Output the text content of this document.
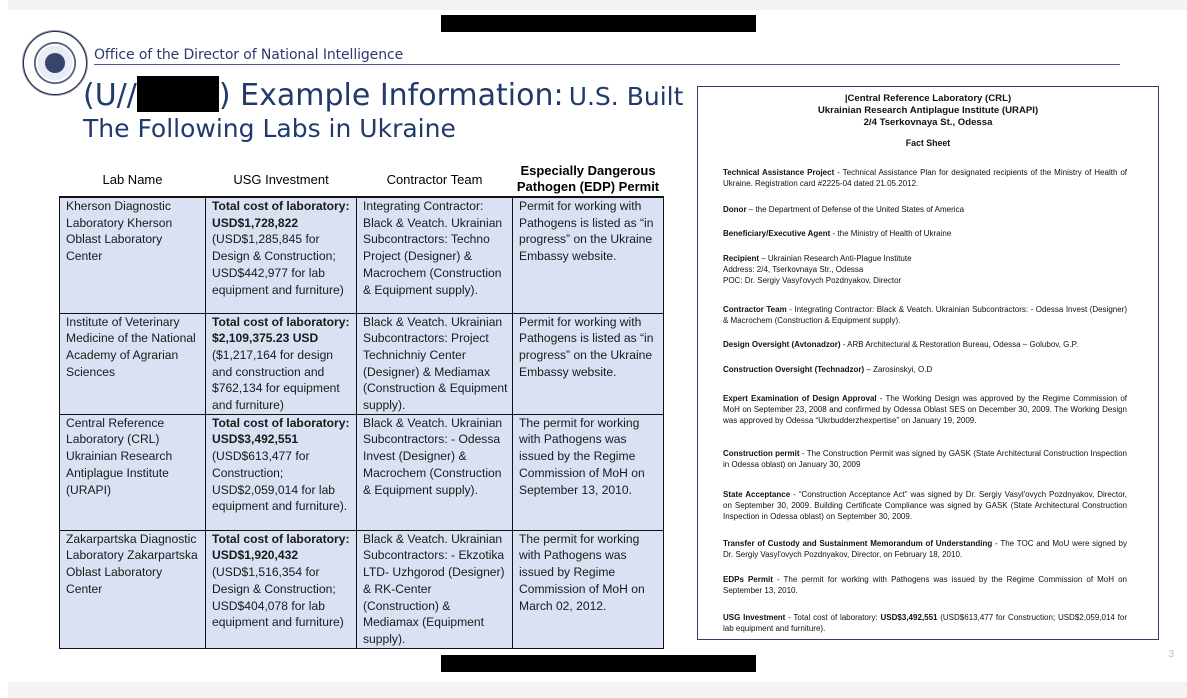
Office of the Director of National Intelligence
(U//	) Example Information: U.S. Built
The Following Labs in Ukraine
Lab Name	USG Investment	Contractor Team	Especially Dangerous Pathogen (EDP) Permit
Kherson Diagnostic Laboratory Kherson Oblast Laboratory Center	Total cost of laboratory:
USD$1,728,822
(USD$1,285,845 for Design & Construction; USD$442,977 for lab equipment and furniture)	Integrating Contractor: Black & Veatch. Ukrainian Subcontractors: Techno Project (Designer) & Macrochem (Construction & Equipment supply).	Permit for working with Pathogens is listed as “in progress” on the Ukraine Embassy website.
Institute of Veterinary Medicine of the National Academy of Agrarian Sciences	Total cost of laboratory:
$2,109,375.23 USD
($1,217,164 for design and construction and $762,134 for equipment and furniture)	Black & Veatch. Ukrainian Subcontractors: Project Technichniy Center (Designer) & Mediamax (Construction & Equipment supply).	Permit for working with Pathogens is listed as “in progress” on the Ukraine Embassy website.
Central Reference Laboratory (CRL) Ukrainian Research Antiplague Institute (URAPI)	Total cost of laboratory:
USD$3,492,551
(USD$613,477 for Construction; USD$2,059,014 for lab equipment and furniture).	Black & Veatch. Ukrainian Subcontractors: - Odessa Invest (Designer) & Macrochem (Construction & Equipment supply).	The permit for working with Pathogens was issued by the Regime Commission of MoH on September 13, 2010.
Zakarpartska Diagnostic Laboratory Zakarpartska Oblast Laboratory Center	Total cost of laboratory:
USD$1,920,432
(USD$1,516,354 for Design & Construction; USD$404,078 for lab equipment and furniture)	Black & Veatch. Ukrainian Subcontractors: - Ekzotika LTD- Uzhgorod (Designer) & RK-Center (Construction) & Mediamax (Equipment supply).	The permit for working with Pathogens was issued by Regime Commission of MoH on March 02, 2012.
|Central Reference Laboratory (CRL)
Ukrainian Research Antiplague Institute (URAPI)
2/4 Tserkovnaya St., Odessa
Fact Sheet
Technical Assistance Project - Technical Assistance Plan for designated recipients of the Ministry of Health of Ukraine. Registration card #2225-04 dated 21.05.2012.
Donor – the Department of Defense of the United States of America
Beneficiary/Executive Agent - the Ministry of Health of Ukraine
Recipient – Ukrainian Research Anti-Plague Institute
Address: 2/4, Tserkovnaya Str., Odessa
POC: Dr. Sergiy Vasyl'ovych Pozdnyakov, Director
Contractor Team - Integrating Contractor: Black & Veatch. Ukrainian Subcontractors: - Odessa Invest (Designer) & Macrochem (Construction & Equipment supply).
Design Oversight (Avtonadzor) - ARB Architectural & Restoration Bureau, Odessa – Golubov, G.P.
Construction Oversight (Technadzor) – Zarosinskyi, O.D
Expert Examination of Design Approval - The Working Design was approved by the Regime Commission of MoH on September 23, 2008 and confirmed by Odessa Oblast SES on December 30, 2009. The Working Design was approved by Odessa “Ukrbudderzhexpertise” on January 19, 2009.
Construction permit - The Construction Permit was signed by GASK (State Architectural Construction Inspection in Odessa oblast) on January 30, 2009
State Acceptance - “Construction Acceptance Act” was signed by Dr. Sergiy Vasyl'ovych Pozdnyakov, Director, on September 30, 2009. Building Certificate Compliance was signed by GASK (State Architectural Construction Inspection in Odessa oblast) on September 30, 2009.
Transfer of Custody and Sustainment Memorandum of Understanding - The TOC and MoU were signed by Dr. Sergiy Vasyl'ovych Pozdnyakov, Director, on February 18, 2010.
EDPs Permit - The permit for working with Pathogens was issued by the Regime Commission of MoH on September 13, 2010.
USG Investment - Total cost of laboratory: USD$3,492,551 (USD$613,477 for Construction; USD$2,059,014 for lab equipment and furniture).
3
